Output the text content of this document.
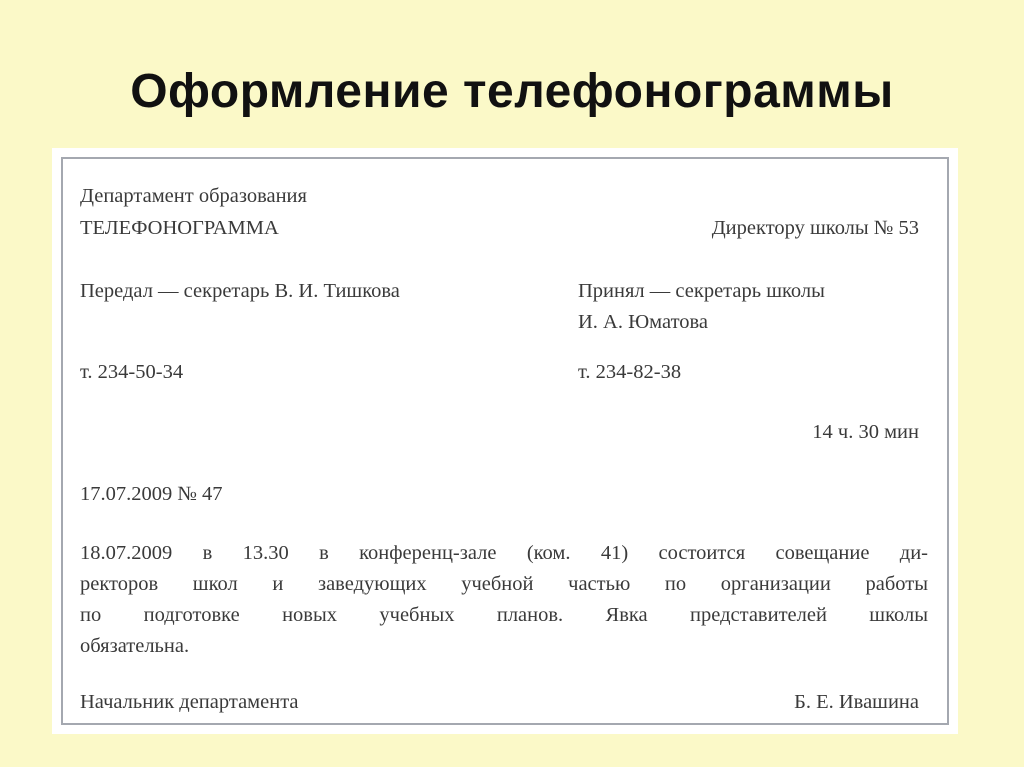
Оформление телефонограммы
Департамент образования
ТЕЛЕФОНОГРАММА	Директору школы № 53
Передал — секретарь В. И. Тишкова	Принял — секретарь школы
И. А. Юматова
т. 234-50-34	т. 234-82-38
14 ч. 30 мин
17.07.2009 № 47
18.07.2009 в 13.30 в конференц-зале (ком. 41) состоится совещание ди-
ректоров школ и заведующих учебной частью по организации работы
по подготовке новых учебных планов. Явка представителей школы
обязательна.
Начальник департамента	Б. Е. Ивашина
